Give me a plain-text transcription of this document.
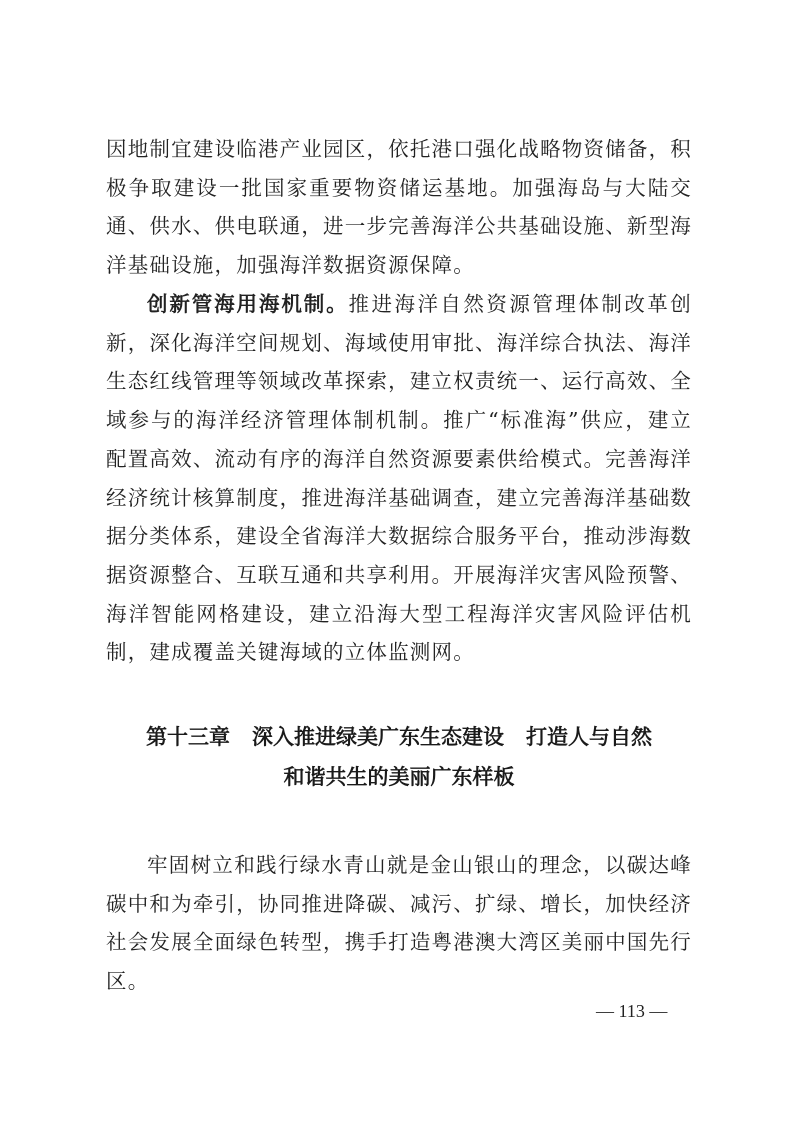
因地制宜建设临港产业园区，依托港口强化战略物资储备，积极争取建设一批国家重要物资储运基地。加强海岛与大陆交通、供水、供电联通，进一步完善海洋公共基础设施、新型海洋基础设施，加强海洋数据资源保障。

创新管海用海机制。推进海洋自然资源管理体制改革创新，深化海洋空间规划、海域使用审批、海洋综合执法、海洋生态红线管理等领域改革探索，建立权责统一、运行高效、全域参与的海洋经济管理体制机制。推广“标准海”供应，建立配置高效、流动有序的海洋自然资源要素供给模式。完善海洋经济统计核算制度，推进海洋基础调查，建立完善海洋基础数据分类体系，建设全省海洋大数据综合服务平台，推动涉海数据资源整合、互联互通和共享利用。开展海洋灾害风险预警、海洋智能网格建设，建立沿海大型工程海洋灾害风险评估机制，建成覆盖关键海域的立体监测网。

第十三章 深入推进绿美广东生态建设 打造人与自然
和谐共生的美丽广东样板

牢固树立和践行绿水青山就是金山银山的理念，以碳达峰碳中和为牵引，协同推进降碳、减污、扩绿、增长，加快经济社会发展全面绿色转型，携手打造粤港澳大湾区美丽中国先行区。

— 113 —
